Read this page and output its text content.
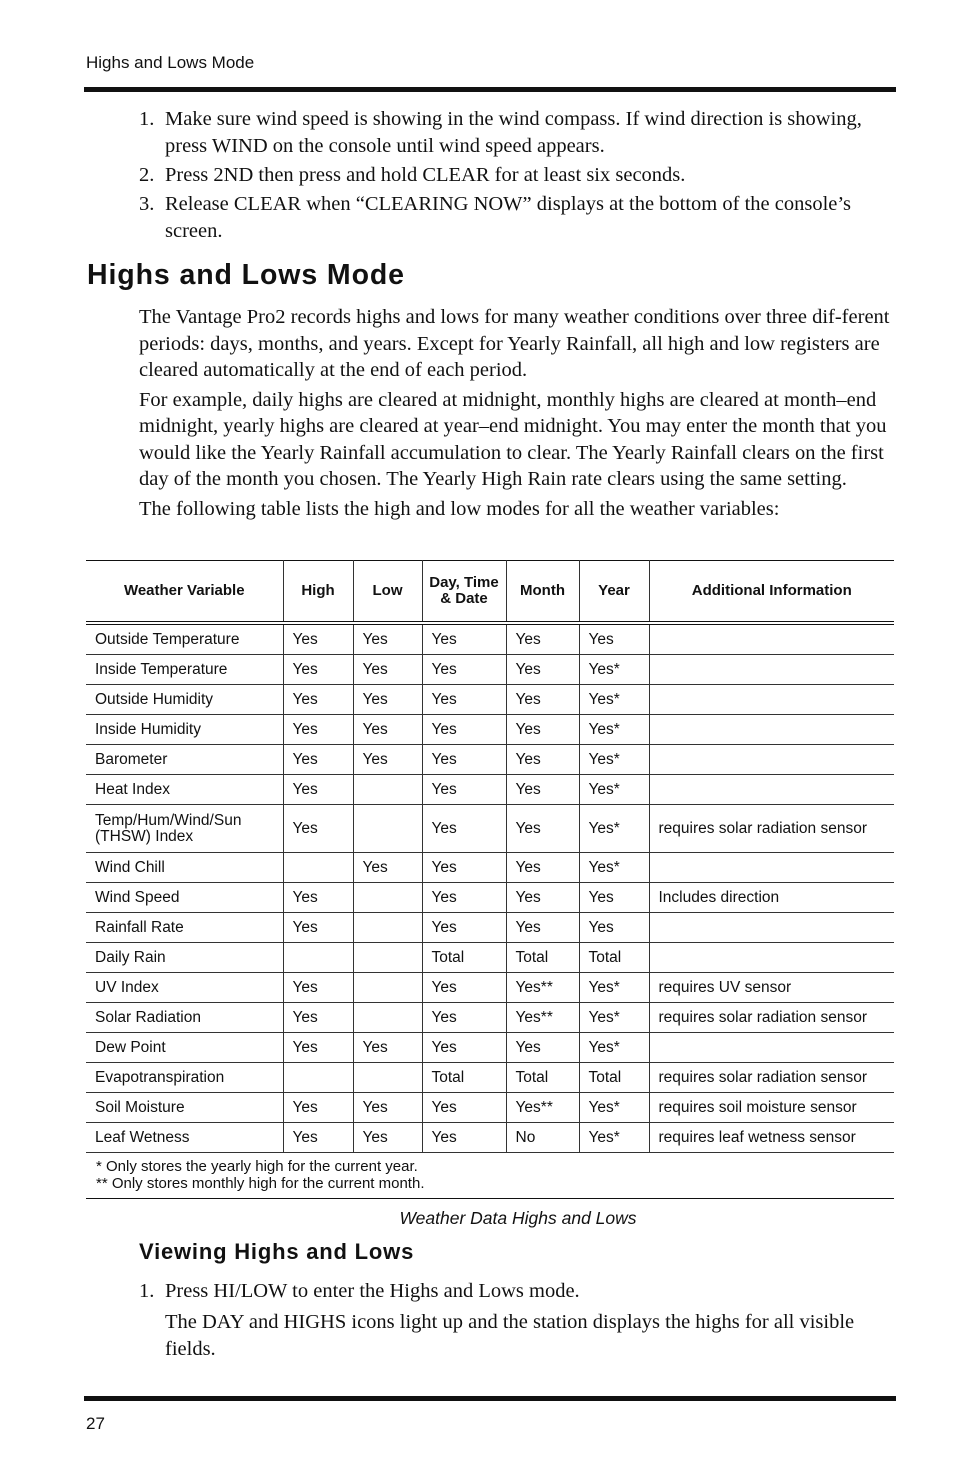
Highs and Lows Mode
1. Make sure wind speed is showing in the wind compass. If wind direction is showing, press WIND on the console until wind speed appears.
2. Press 2ND then press and hold CLEAR for at least six seconds.
3. Release CLEAR when “CLEARING NOW” displays at the bottom of the console’s screen.
Highs and Lows Mode

The Vantage Pro2 records highs and lows for many weather conditions over three dif-ferent periods: days, months, and years. Except for Yearly Rainfall, all high and low registers are cleared automatically at the end of each period.

For example, daily highs are cleared at midnight, monthly highs are cleared at month–end midnight, yearly highs are cleared at year–end midnight. You may enter the month that you would like the Yearly Rainfall accumulation to clear. The Yearly Rainfall clears on the first day of the month you chosen. The Yearly High Rain rate clears using the same setting.

The following table lists the high and low modes for all the weather variables:

Weather Variable	High	Low	Day, Time & Date	Month	Year	Additional Information
Outside Temperature	Yes	Yes	Yes	Yes	Yes	
Inside Temperature	Yes	Yes	Yes	Yes	Yes*	
Outside Humidity	Yes	Yes	Yes	Yes	Yes*	
Inside Humidity	Yes	Yes	Yes	Yes	Yes*	
Barometer	Yes	Yes	Yes	Yes	Yes*	
Heat Index	Yes		Yes	Yes	Yes*	
Temp/Hum/Wind/Sun (THSW) Index	Yes		Yes	Yes	Yes*	requires solar radiation sensor
Wind Chill		Yes	Yes	Yes	Yes*	
Wind Speed	Yes		Yes	Yes	Yes	Includes direction
Rainfall Rate	Yes		Yes	Yes	Yes	
Daily Rain			Total	Total	Total	
UV Index	Yes		Yes	Yes**	Yes*	requires UV sensor
Solar Radiation	Yes		Yes	Yes**	Yes*	requires solar radiation sensor
Dew Point	Yes	Yes	Yes	Yes	Yes*	
Evapotranspiration			Total	Total	Total	requires solar radiation sensor
Soil Moisture	Yes	Yes	Yes	Yes**	Yes*	requires soil moisture sensor
Leaf Wetness	Yes	Yes	Yes	No	Yes*	requires leaf wetness sensor

* Only stores the yearly high for the current year.
** Only stores monthly high for the current month.						
Weather Data Highs and Lows
Viewing Highs and Lows
1. Press HI/LOW to enter the Highs and Lows mode.
The DAY and HIGHS icons light up and the station displays the highs for all visible fields.
27
